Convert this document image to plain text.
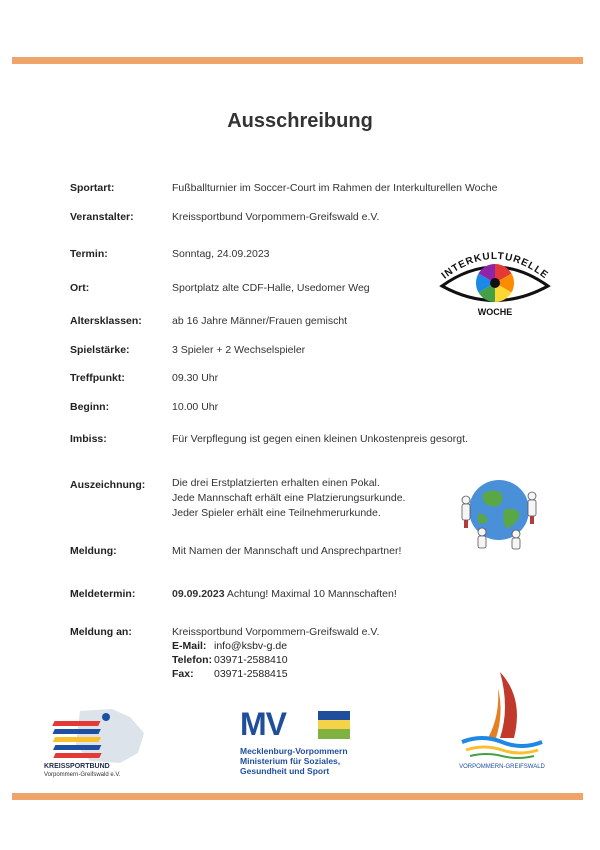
Ausschreibung
Sportart:	Fußballturnier im Soccer-Court im Rahmen der Interkulturellen Woche
Veranstalter:	Kreissportbund Vorpommern-Greifswald e.V.
Termin:	Sonntag, 24.09.2023
Ort:	Sportplatz alte CDF-Halle, Usedomer Weg
Altersklassen:	ab 16 Jahre Männer/Frauen gemischt
Spielstärke:	3 Spieler + 2 Wechselspieler
Treffpunkt:	09.30 Uhr
Beginn:	10.00 Uhr
Imbiss:	Für Verpflegung ist gegen einen kleinen Unkostenpreis gesorgt.
Auszeichnung:	Die drei Erstplatzierten erhalten einen Pokal.
Jede Mannschaft erhält eine Platzierungsurkunde.
Jeder Spieler erhält eine Teilnehmerurkunde.
Meldung:	Mit Namen der Mannschaft und Ansprechpartner!
Meldetermin:	09.09.2023 Achtung! Maximal 10 Mannschaften!
Meldung an:	Kreissportbund Vorpommern-Greifswald e.V.
E-Mail: info@ksbv-g.de
Telefon: 03971-2588410
Fax: 03971-2588415
INTERKULTURELLE
WOCHE
KREISSPORTBUND
Vorpommern-Greifswald e.V.
MV
Mecklenburg-Vorpommern
Ministerium für Soziales,
Gesundheit und Sport	VORPOMMERN-GREIFSWALD
